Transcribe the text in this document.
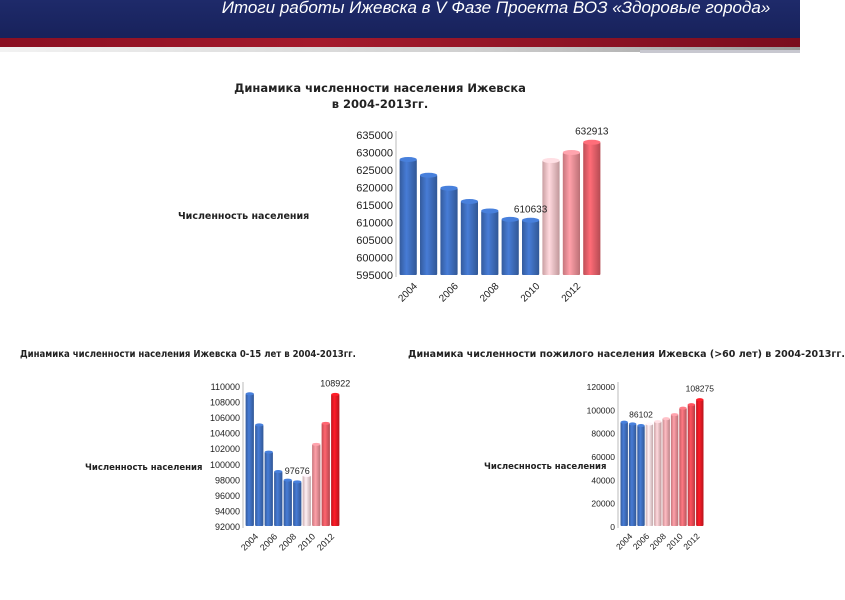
Итоги работы Ижевска в V Фазе Проекта ВОЗ «Здоровые города»
Динамика численности населения Ижевска
в 2004-2013гг.
Численность населения
Динамика численности населения Ижевска 0-15 лет в 2004-2013гг.
Численность населения
Динамика численности пожилого населения Ижевска (>60 лет) в 2004-2013гг.
Числеснность населения
595000
600000
605000
610000
615000
620000
625000
630000
635000
610633
632913
2004 2006 2008 2010 2012
92000
94000
96000
98000
100000
102000
104000
106000
108000
110000
97676
108922
2004
2006
2008
2010
2012
0
20000
40000
60000
80000
100000
120000
86102
108275
2004
2006
2008
2010
2012
